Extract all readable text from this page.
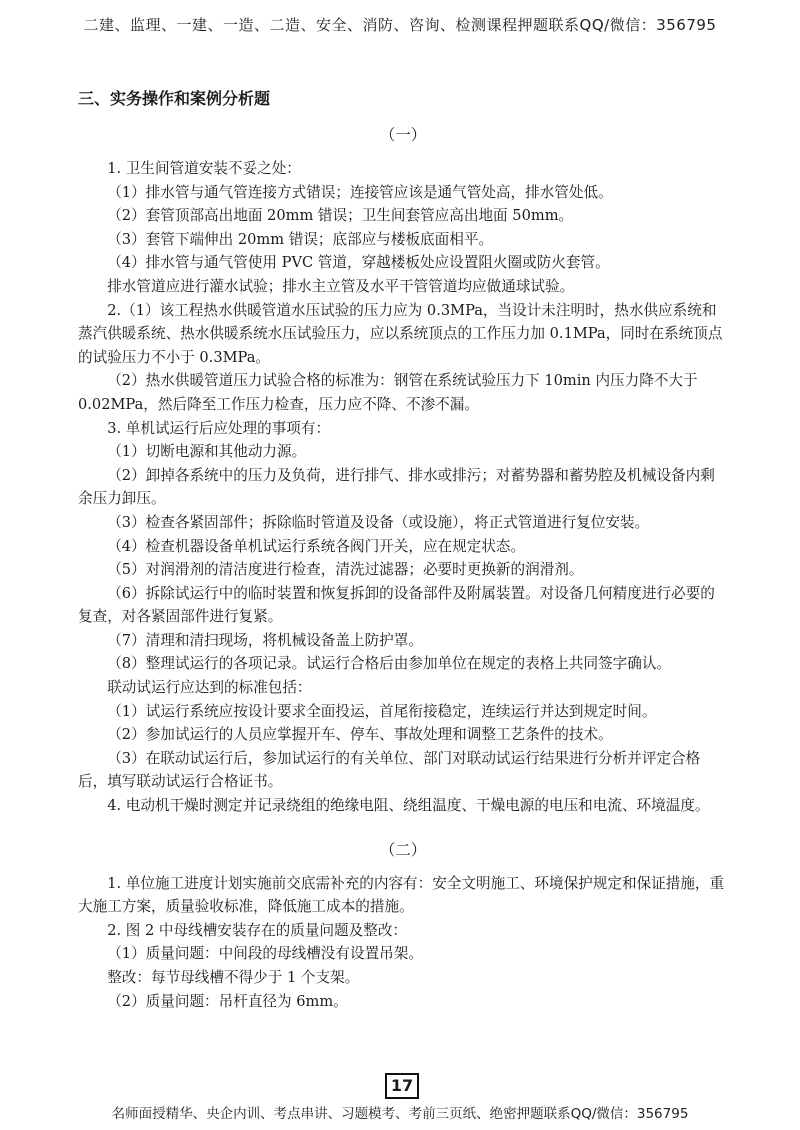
二建、监理、一建、一造、二造、安全、消防、咨询、检测课程押题联系QQ/微信：356795
三、实务操作和案例分析题
（一）

1. 卫生间管道安装不妥之处：

（1）排水管与通气管连接方式错误；连接管应该是通气管处高，排水管处低。

（2）套管顶部高出地面 20mm 错误；卫生间套管应高出地面 50mm。

（3）套管下端伸出 20mm 错误；底部应与楼板底面相平。

（4）排水管与通气管使用 PVC 管道，穿越楼板处应设置阻火圈或防火套管。

排水管道应进行灌水试验；排水主立管及水平干管管道均应做通球试验。

2.（1）该工程热水供暖管道水压试验的压力应为 0.3MPa，当设计未注明时，热水供应系统和蒸汽供暖系统、热水供暖系统水压试验压力，应以系统顶点的工作压力加 0.1MPa，同时在系统顶点的试验压力不小于 0.3MPa。

（2）热水供暖管道压力试验合格的标准为：钢管在系统试验压力下 10min 内压力降不大于 0.02MPa，然后降至工作压力检查，压力应不降、不渗不漏。

3. 单机试运行后应处理的事项有：

（1）切断电源和其他动力源。

（2）卸掉各系统中的压力及负荷，进行排气、排水或排污；对蓄势器和蓄势腔及机械设备内剩余压力卸压。

（3）检查各紧固部件；拆除临时管道及设备（或设施），将正式管道进行复位安装。

（4）检查机器设备单机试运行系统各阀门开关，应在规定状态。

（5）对润滑剂的清洁度进行检查，清洗过滤器；必要时更换新的润滑剂。

（6）拆除试运行中的临时装置和恢复拆卸的设备部件及附属装置。对设备几何精度进行必要的复查，对各紧固部件进行复紧。

（7）清理和清扫现场，将机械设备盖上防护罩。

（8）整理试运行的各项记录。试运行合格后由参加单位在规定的表格上共同签字确认。

联动试运行应达到的标准包括：

（1）试运行系统应按设计要求全面投运，首尾衔接稳定，连续运行并达到规定时间。

（2）参加试运行的人员应掌握开车、停车、事故处理和调整工艺条件的技术。

（3）在联动试运行后，参加试运行的有关单位、部门对联动试运行结果进行分析并评定合格后，填写联动试运行合格证书。

4. 电动机干燥时测定并记录绕组的绝缘电阻、绕组温度、干燥电源的电压和电流、环境温度。

（二）

1. 单位施工进度计划实施前交底需补充的内容有：安全文明施工、环境保护规定和保证措施，重大施工方案，质量验收标准，降低施工成本的措施。

2. 图 2 中母线槽安装存在的质量问题及整改：

（1）质量问题：中间段的母线槽没有设置吊架。

整改：每节母线槽不得少于 1 个支架。

（2）质量问题：吊杆直径为 6mm。

17
名师面授精华、央企内训、考点串讲、习题模考、考前三页纸、绝密押题联系QQ/微信：356795
